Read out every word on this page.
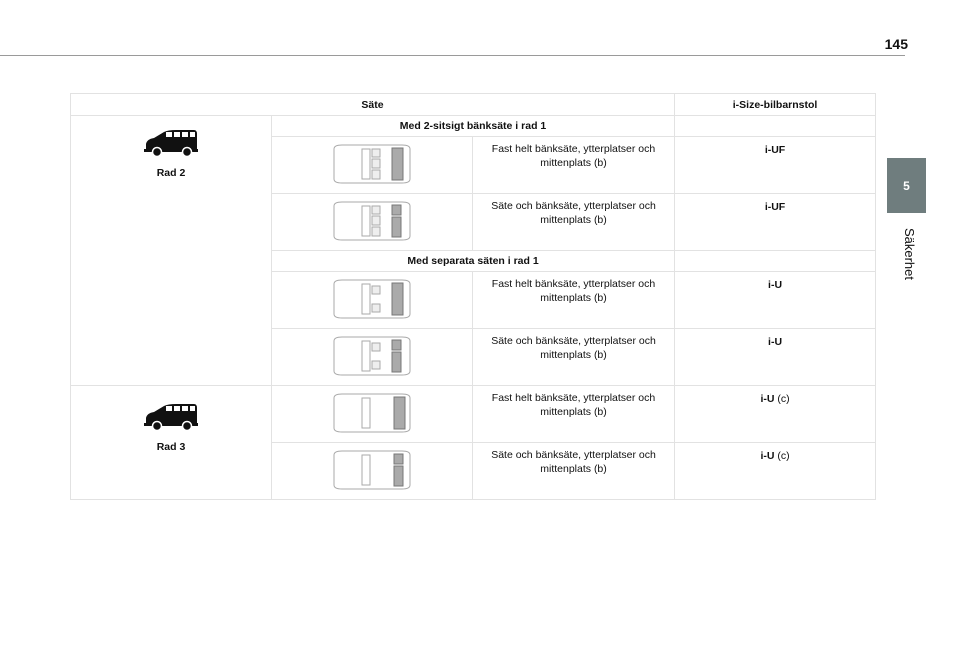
145
5
Säkerhet
Säte			i-Size-bilbarnstol

Rad 2	Med 2-sitsigt bänksäte i rad 1		
	Fast helt bänksäte, ytterplatser och mittenplats (b)	i-UF
	Säte och bänksäte, ytterplatser och mittenplats (b)	i-UF
	Med separata säten i rad 1		
	Fast helt bänksäte, ytterplatser och mittenplats (b)	i-U
	Säte och bänksäte, ytterplatser och mittenplats (b)	i-U

Rad 3		Fast helt bänksäte, ytterplatser och mittenplats (b)	i-U (c)
	Säte och bänksäte, ytterplatser och mittenplats (b)	i-U (c)
